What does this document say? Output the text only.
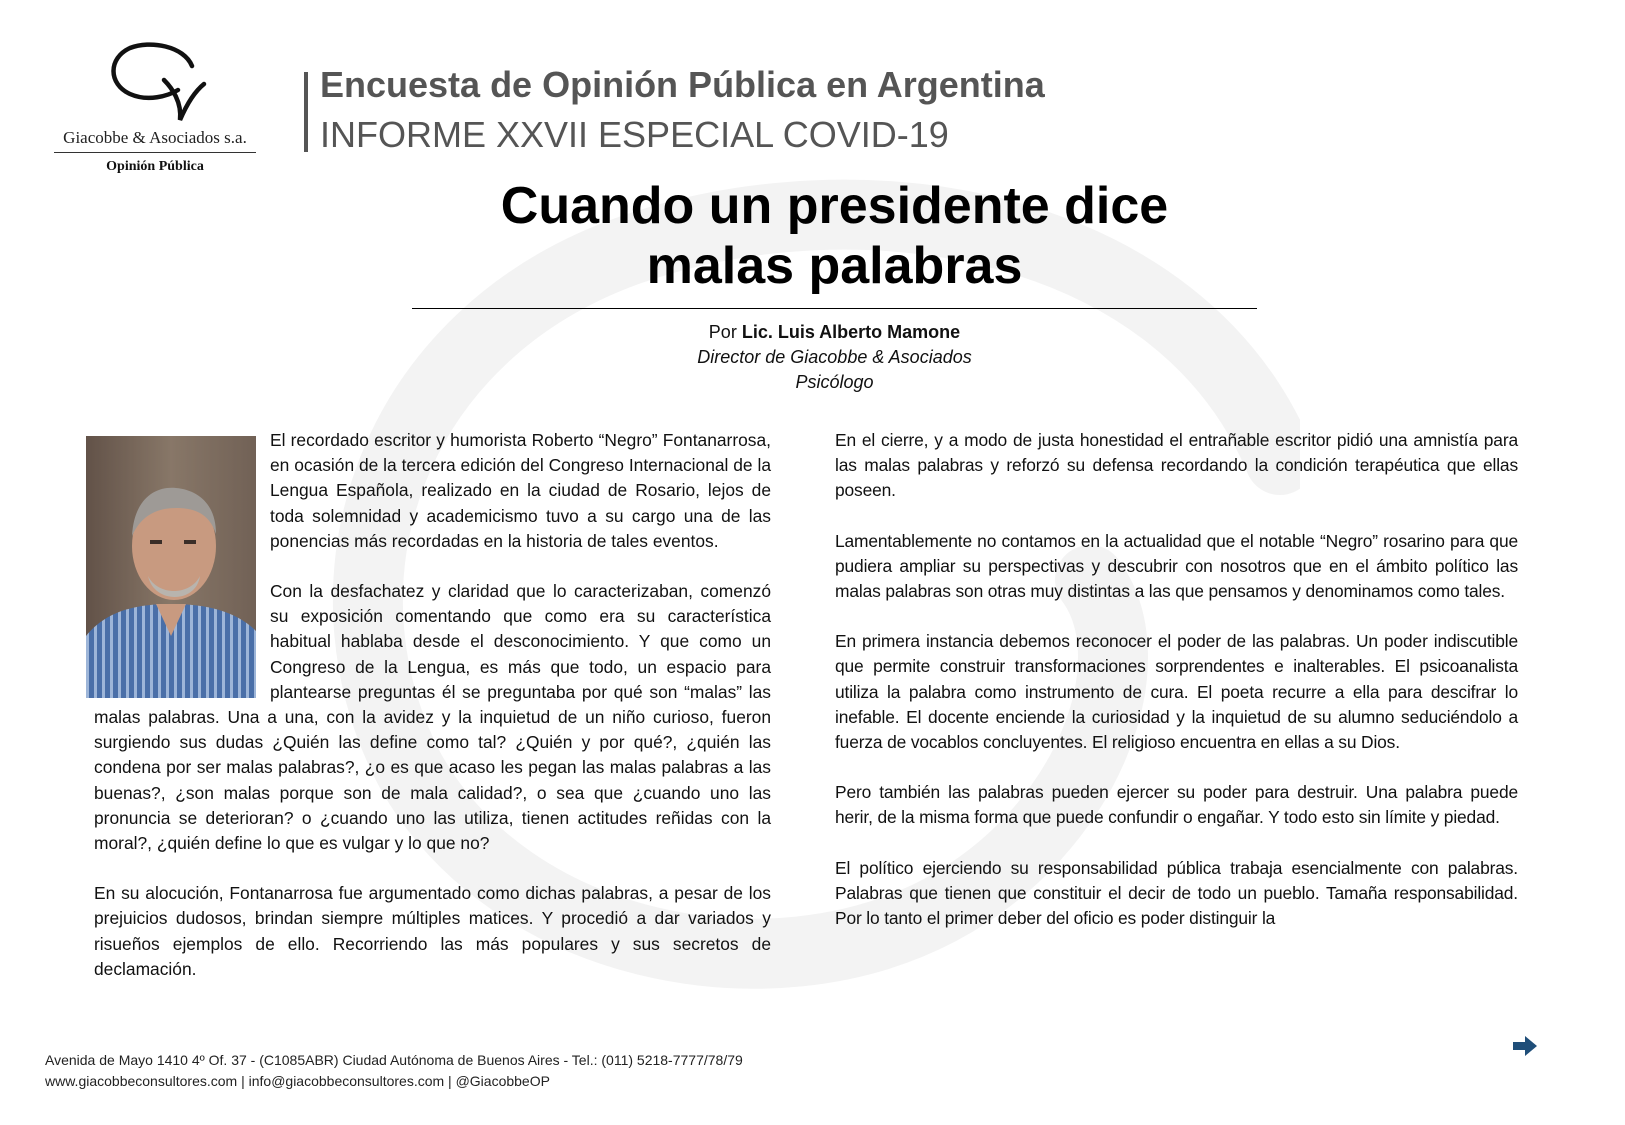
Giacobbe & Asociados s.a.
Opinión Pública
Encuesta de Opinión Pública en Argentina
INFORME XXVII ESPECIAL COVID-19
Cuando un presidente dice
malas palabras
Por Lic. Luis Alberto Mamone
Director de Giacobbe & Asociados
Psicólogo

El recordado escritor y humorista Roberto “Negro” Fontanarrosa, en ocasión de la tercera edición del Congreso Internacional de la Lengua Española, realizado en la ciudad de Rosario, lejos de toda solemnidad y academicismo tuvo a su cargo una de las ponencias más recordadas en la historia de tales eventos.

Con la desfachatez y claridad que lo caracterizaban, comenzó su exposición comentando que como era su característica habitual hablaba desde el desconocimiento. Y que como un Congreso de la Lengua, es más que todo, un espacio para plantearse preguntas él se preguntaba por qué son “malas” las malas palabras. Una a una, con la avidez y la inquietud de un niño curioso, fueron surgiendo sus dudas ¿Quién las define como tal? ¿Quién y por qué?, ¿quién las condena por ser malas palabras?, ¿o es que acaso les pegan las malas palabras a las buenas?, ¿son malas porque son de mala calidad?, o sea que ¿cuando uno las pronuncia se deterioran? o ¿cuando uno las utiliza, tienen actitudes reñidas con la moral?, ¿quién define lo que es vulgar y lo que no?

En su alocución, Fontanarrosa fue argumentado como dichas palabras, a pesar de los prejuicios dudosos, brindan siempre múltiples matices. Y procedió a dar variados y risueños ejemplos de ello. Recorriendo las más populares y sus secretos de declamación.

En el cierre, y a modo de justa honestidad el entrañable escritor pidió una amnistía para las malas palabras y reforzó su defensa recordando la condición terapéutica que ellas poseen.

Lamentablemente no contamos en la actualidad que el notable “Negro” rosarino para que pudiera ampliar su perspectivas y descubrir con nosotros que en el ámbito político las malas palabras son otras muy distintas a las que pensamos y denominamos como tales.

En primera instancia debemos reconocer el poder de las palabras. Un poder indiscutible que permite construir transformaciones sorprendentes e inalterables. El psicoanalista utiliza la palabra como instrumento de cura. El poeta recurre a ella para descifrar lo inefable. El docente enciende la curiosidad y la inquietud de su alumno seduciéndolo a fuerza de vocablos concluyentes. El religioso encuentra en ellas a su Dios.

Pero también las palabras pueden ejercer su poder para destruir. Una palabra puede herir, de la misma forma que puede confundir o engañar. Y todo esto sin límite y piedad.

El político ejerciendo su responsabilidad pública trabaja esencialmente con palabras. Palabras que tienen que constituir el decir de todo un pueblo. Tamaña responsabilidad. Por lo tanto el primer deber del oficio es poder distinguir la

Avenida de Mayo 1410 4º Of. 37 - (C1085ABR) Ciudad Autónoma de Buenos Aires - Tel.: (011) 5218-7777/78/79
www.giacobbeconsultores.com | info@giacobbeconsultores.com | @GiacobbeOP
